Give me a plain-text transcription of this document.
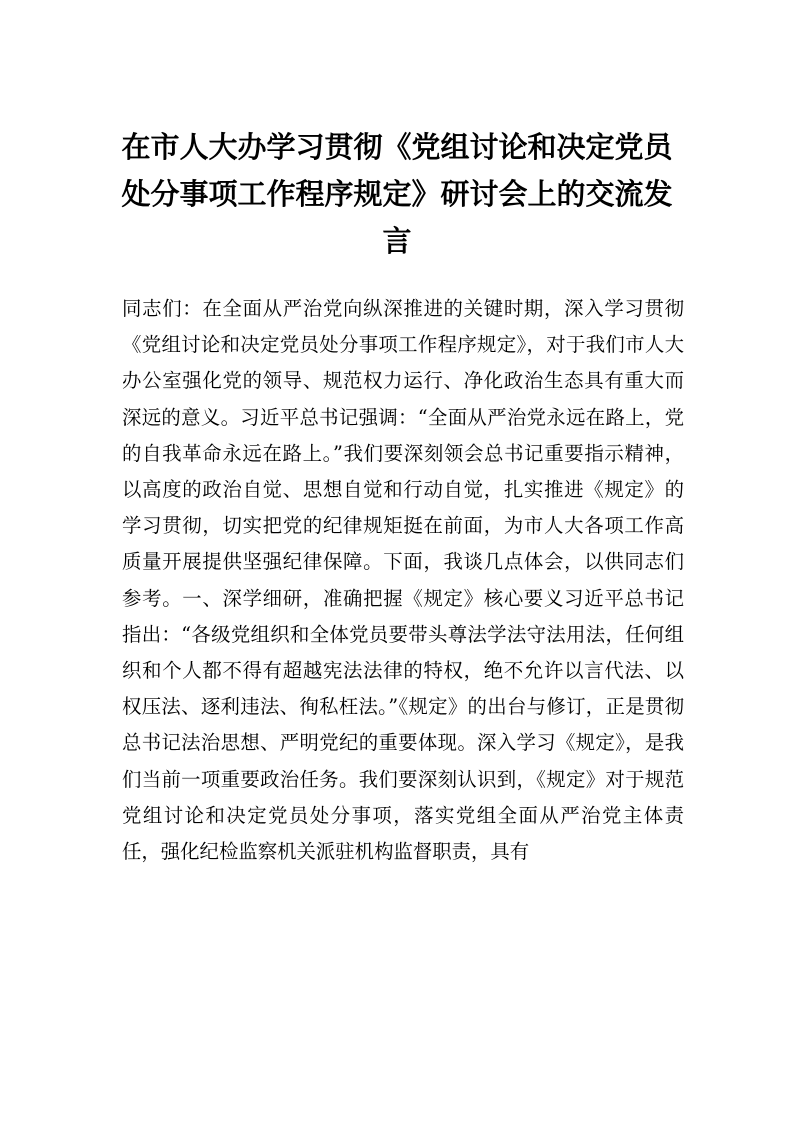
在市人大办学习贯彻《党组讨论和决定党员处分事项工作程序规定》研讨会上的交流发言

同志们：在全面从严治党向纵深推进的关键时期，深入学习贯彻《党组讨论和决定党员处分事项工作程序规定》，对于我们市人大办公室强化党的领导、规范权力运行、净化政治生态具有重大而深远的意义。习近平总书记强调：“全面从严治党永远在路上，党的自我革命永远在路上。”我们要深刻领会总书记重要指示精神，以高度的政治自觉、思想自觉和行动自觉，扎实推进《规定》的学习贯彻，切实把党的纪律规矩挺在前面，为市人大各项工作高质量开展提供坚强纪律保障。下面，我谈几点体会，以供同志们参考。一、深学细研，准确把握《规定》核心要义习近平总书记指出：“各级党组织和全体党员要带头尊法学法守法用法，任何组织和个人都不得有超越宪法法律的特权，绝不允许以言代法、以权压法、逐利违法、徇私枉法。”《规定》的出台与修订，正是贯彻总书记法治思想、严明党纪的重要体现。深入学习《规定》，是我们当前一项重要政治任务。我们要深刻认识到，《规定》对于规范党组讨论和决定党员处分事项，落实党组全面从严治党主体责任，强化纪检监察机关派驻机构监督职责，具有
